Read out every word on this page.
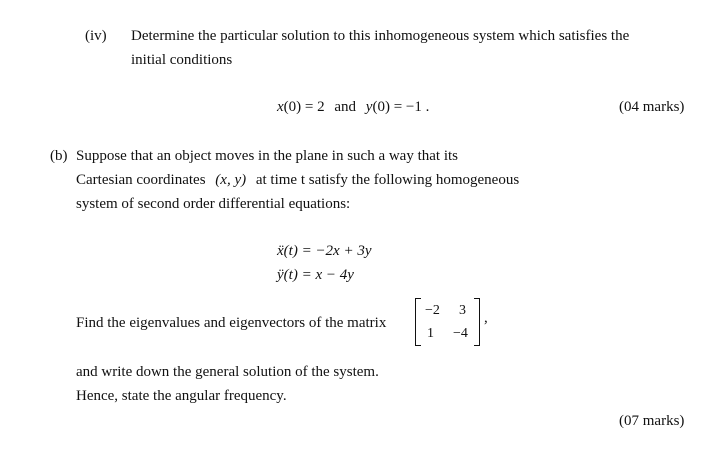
(iv) Determine the particular solution to this inhomogeneous system which satisfies the
initial conditions
x(0) = 2 and y(0) = −1 .	(04 marks)
(b) Suppose that an object moves in the plane in such a way that its
Cartesian coordinates (x, y) at time t satisfy the following homogeneous
system of second order differential equations:
ẍ(t) = −2x + 3y
ÿ(t) = x − 4y
Find the eigenvalues and eigenvectors of the matrix
−2 3
1 −4
,
and write down the general solution of the system.
Hence, state the angular frequency.
(07 marks)
